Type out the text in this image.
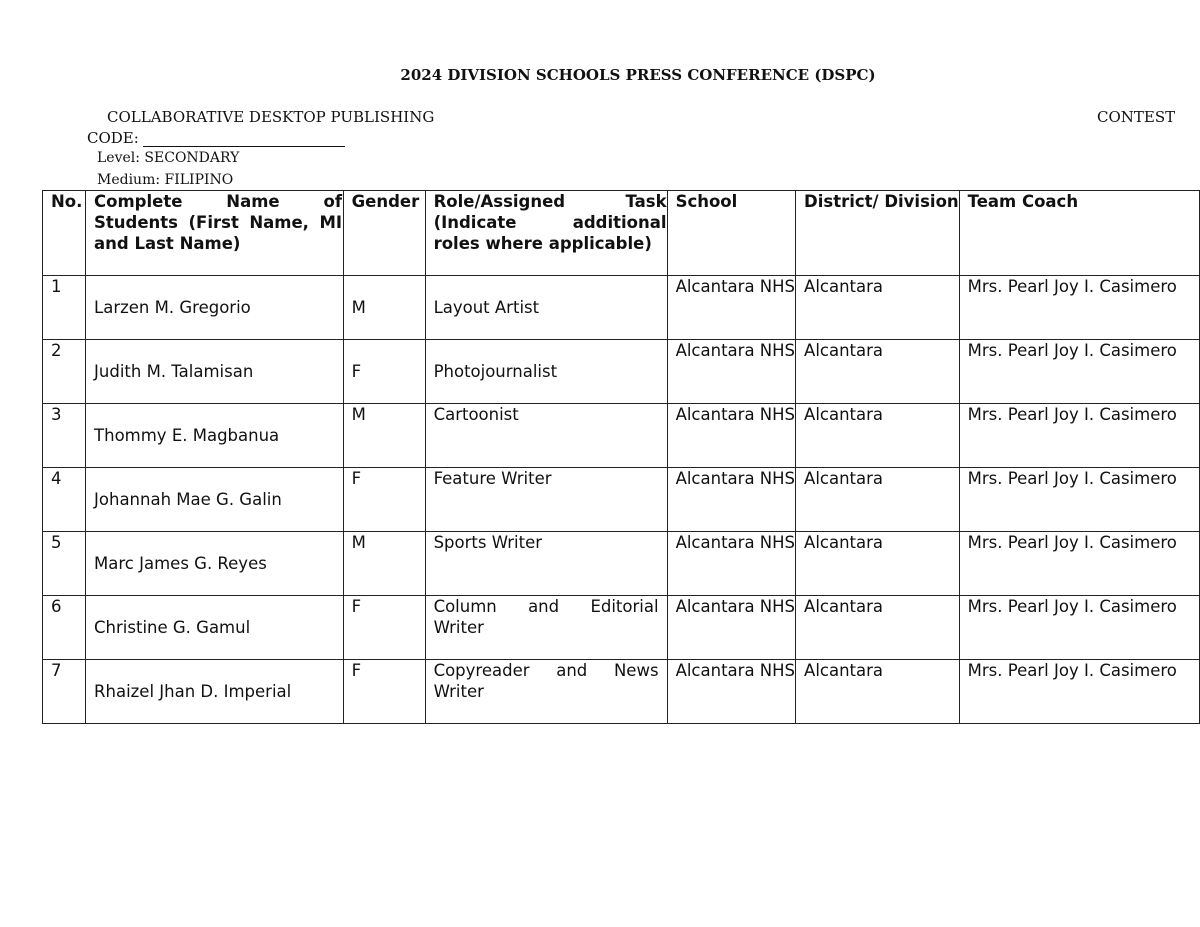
2024 DIVISION SCHOOLS PRESS CONFERENCE (DSPC)
COLLABORATIVE DESKTOP PUBLISHING	CONTEST
CODE:
Level: SECONDARY
Medium: FILIPINO
No.	Complete Name of Students (First Name, MI and Last Name)	Gender	Role/Assigned Task (Indicate additional roles where applicable)	School	District/ Division	Team Coach
1	Larzen M. Gregorio	M	Layout Artist	Alcantara NHS	Alcantara	Mrs. Pearl Joy I. Casimero
2	Judith M. Talamisan	F	Photojournalist	Alcantara NHS	Alcantara	Mrs. Pearl Joy I. Casimero
3	Thommy E. Magbanua	M	Cartoonist	Alcantara NHS	Alcantara	Mrs. Pearl Joy I. Casimero
4	Johannah Mae G. Galin	F	Feature Writer	Alcantara NHS	Alcantara	Mrs. Pearl Joy I. Casimero
5	Marc James G. Reyes	M	Sports Writer	Alcantara NHS	Alcantara	Mrs. Pearl Joy I. Casimero
6	Christine G. Gamul	F	Column and Editorial Writer	Alcantara NHS	Alcantara	Mrs. Pearl Joy I. Casimero
7	Rhaizel Jhan D. Imperial	F	Copyreader and News Writer	Alcantara NHS	Alcantara	Mrs. Pearl Joy I. Casimero
